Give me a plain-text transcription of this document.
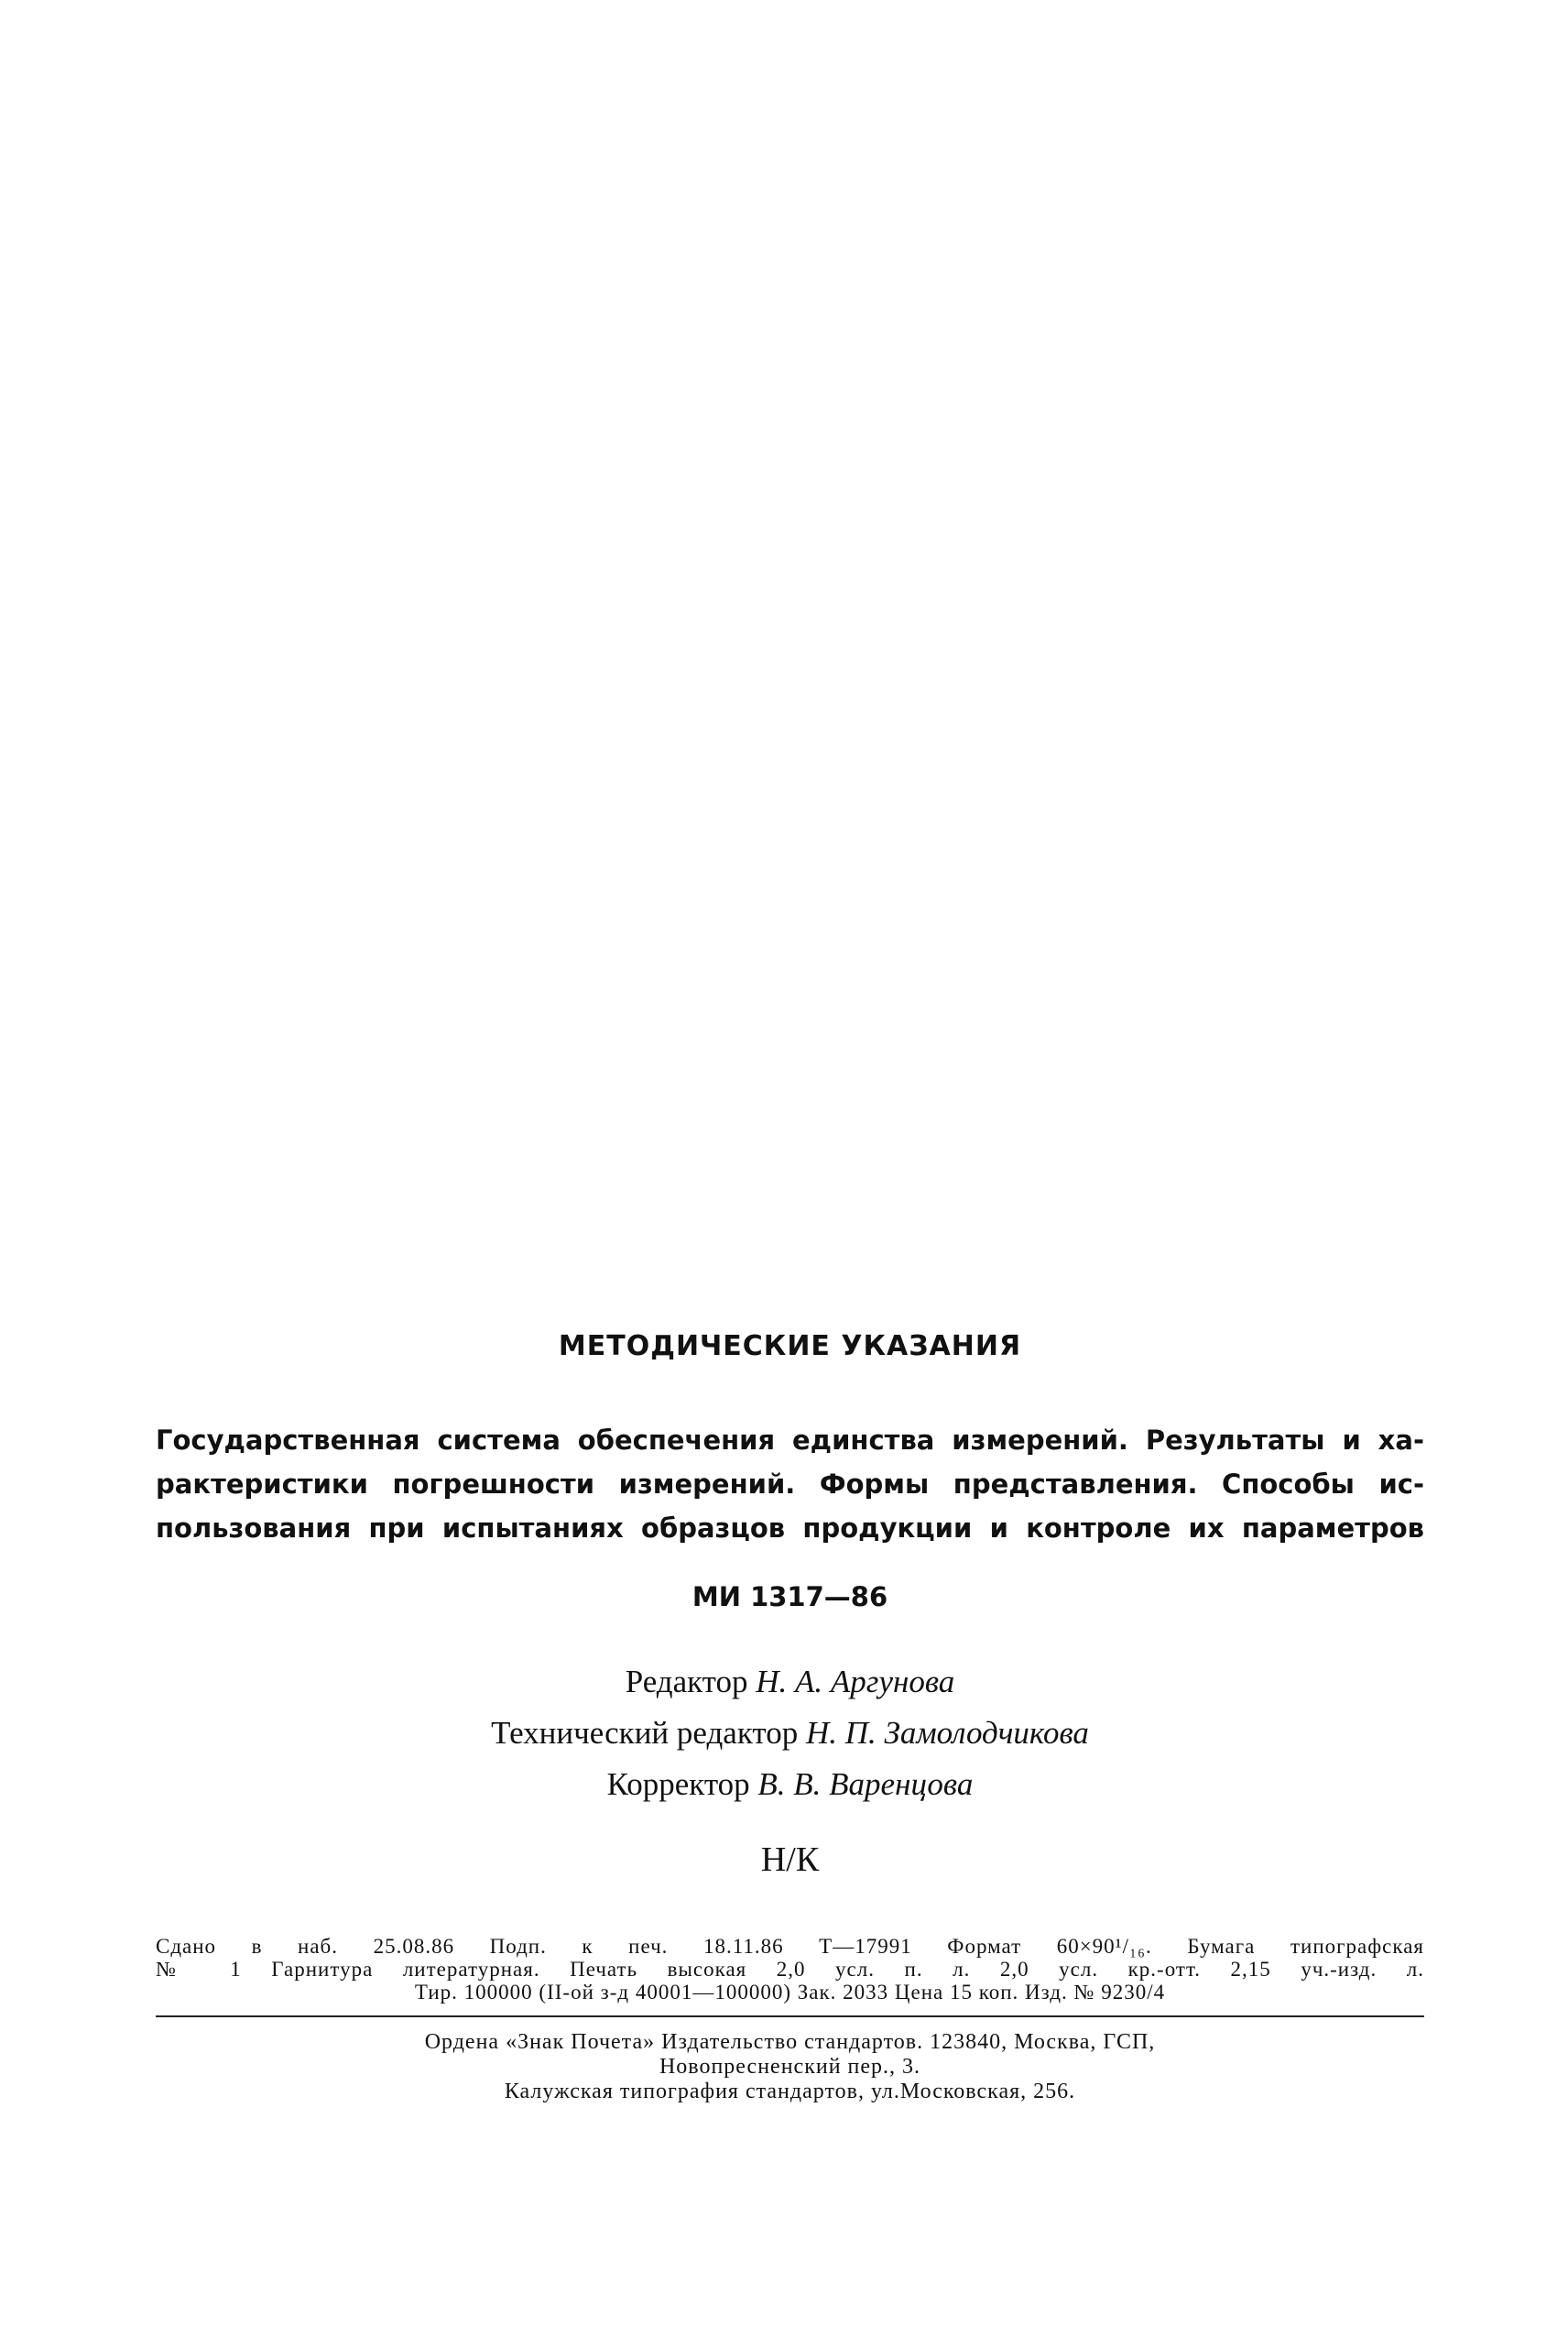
МЕТОДИЧЕСКИЕ УКАЗАНИЯ
Государственная система обеспечения единства измерений. Результаты и ха-
рактеристики погрешности измерений. Формы представления. Способы ис-
пользования при испытаниях образцов продукции и контроле их параметров
МИ 1317—86
Редактор Н. А. Аргунова
Технический редактор Н. П. Замолодчикова
Корректор В. В. Варенцова
Н/К
Сдано в наб. 25.08.86 Подп. к печ. 18.11.86 Т—17991 Формат 60×90¹/₁₆. Бумага типографская
№ 1 Гарнитура литературная. Печать высокая 2,0 усл. п. л. 2,0 усл. кр.-отт. 2,15 уч.-изд. л.
Тир. 100000 (II-ой з-д 40001—100000) Зак. 2033 Цена 15 коп. Изд. № 9230/4
Ордена «Знак Почета» Издательство стандартов. 123840, Москва, ГСП,
Новопресненский пер., 3.
Калужская типография стандартов, ул.Московская, 256.
